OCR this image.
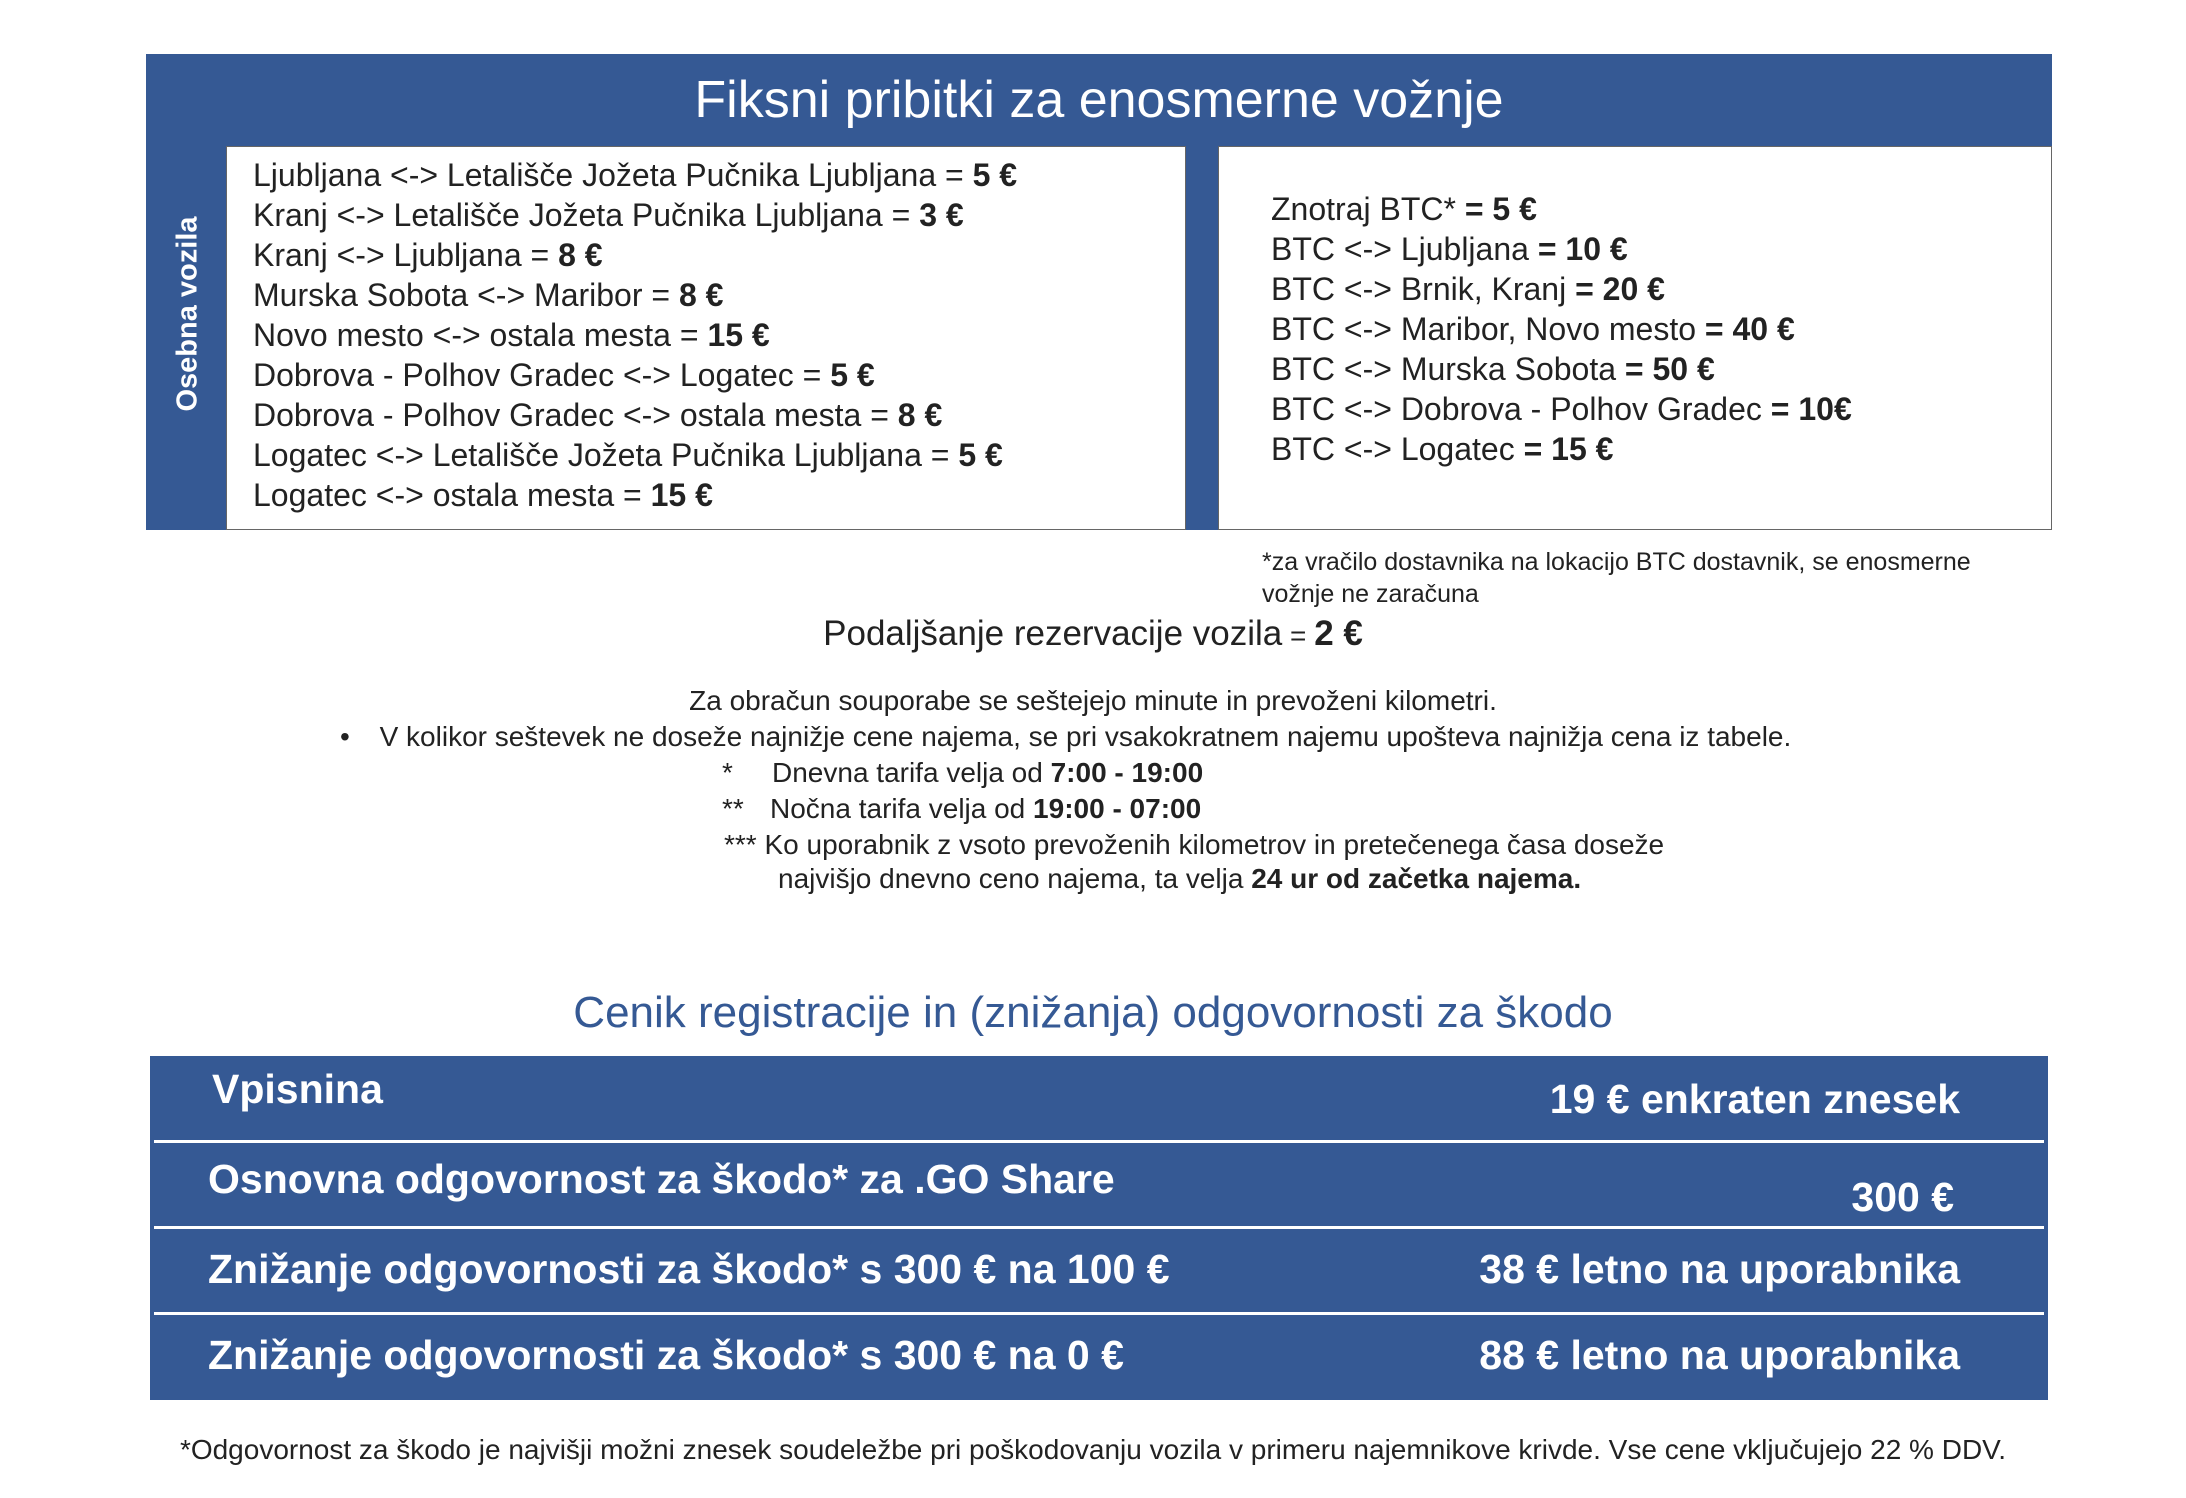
Fiksni pribitki za enosmerne vožnje
Osebna vozila
Ljubljana <-> Letališče Jožeta Pučnika Ljubljana = 5 €
Kranj <-> Letališče Jožeta Pučnika Ljubljana = 3 €
Kranj <-> Ljubljana = 8 €
Murska Sobota <-> Maribor = 8 €
Novo mesto <-> ostala mesta = 15 €
Dobrova - Polhov Gradec <-> Logatec = 5 €
Dobrova - Polhov Gradec <-> ostala mesta = 8 €
Logatec <-> Letališče Jožeta Pučnika Ljubljana = 5 €
Logatec <-> ostala mesta = 15 €
Dostavnik
Znotraj BTC* = 5 €
BTC <-> Ljubljana = 10 €
BTC <-> Brnik, Kranj = 20 €
BTC <-> Maribor, Novo mesto = 40 €
BTC <-> Murska Sobota = 50 €
BTC <-> Dobrova - Polhov Gradec = 10€
BTC <-> Logatec = 15 €
*za vračilo dostavnika na lokacijo BTC dostavnik, se enosmerne
vožnje ne zaračuna
Podaljšanje rezervacije vozila = 2 €
Za obračun souporabe se seštejejo minute in prevoženi kilometri.
• V kolikor seštevek ne doseže najnižje cene najema, se pri vsakokratnem najemu upošteva najnižja cena iz tabele.
* Dnevna tarifa velja od 7:00 - 19:00
** Nočna tarifa velja od 19:00 - 07:00
*** Ko uporabnik z vsoto prevoženih kilometrov in pretečenega časa doseže
najvišjo dnevno ceno najema, ta velja 24 ur od začetka najema.
Cenik registracije in (znižanja) odgovornosti za škodo
Vpisnina	19 € enkraten znesek
Osnovna odgovornost za škodo* za .GO Share	300 €
Znižanje odgovornosti za škodo* s 300 € na 100 €	38 € letno na uporabnika
Znižanje odgovornosti za škodo* s 300 € na 0 €	88 € letno na uporabnika
*Odgovornost za škodo je najvišji možni znesek soudeležbe pri poškodovanju vozila v primeru najemnikove krivde. Vse cene vključujejo 22 % DDV.
